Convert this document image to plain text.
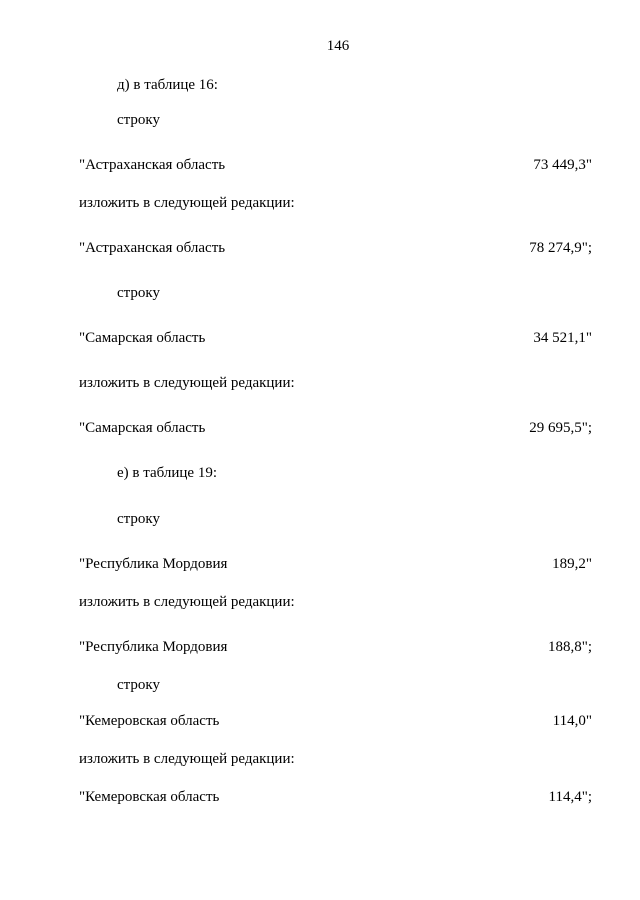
146
д) в таблице 16:
строку
"Астраханская область	73 449,3"
изложить в следующей редакции:
"Астраханская область	78 274,9";
строку
"Самарская область	34 521,1"
изложить в следующей редакции:
"Самарская область	29 695,5";
е) в таблице 19:
строку
"Республика Мордовия	189,2"
изложить в следующей редакции:
"Республика Мордовия	188,8";
строку
"Кемеровская область	114,0"
изложить в следующей редакции:
"Кемеровская область	114,4";
